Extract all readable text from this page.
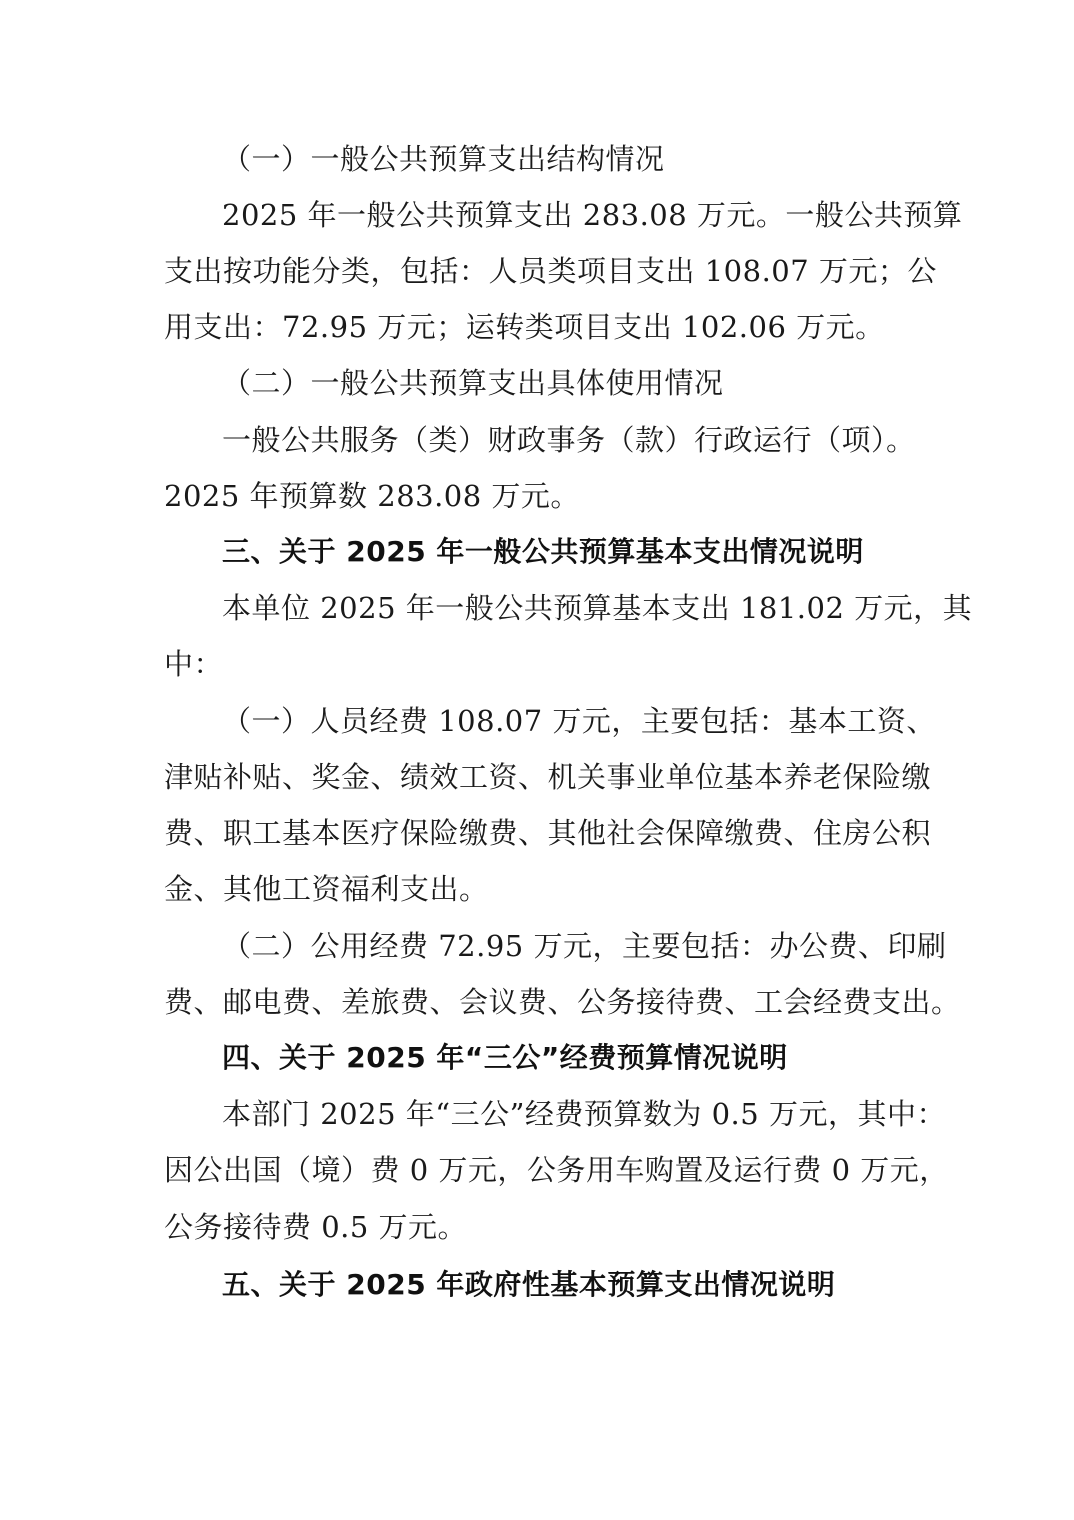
（一）一般公共预算支出结构情况
2025 年一般公共预算支出 283.08 万元。一般公共预算
支出按功能分类，包括：人员类项目支出 108.07 万元；公
用支出：72.95 万元；运转类项目支出 102.06 万元。
（二）一般公共预算支出具体使用情况
一般公共服务（类）财政事务（款）行政运行（项）。
2025 年预算数 283.08 万元。
三、关于 2025 年一般公共预算基本支出情况说明
本单位 2025 年一般公共预算基本支出 181.02 万元，其
中：
（一）人员经费 108.07 万元，主要包括：基本工资、
津贴补贴、奖金、绩效工资、机关事业单位基本养老保险缴
费、职工基本医疗保险缴费、其他社会保障缴费、住房公积
金、其他工资福利支出。
（二）公用经费 72.95 万元，主要包括：办公费、印刷
费、邮电费、差旅费、会议费、公务接待费、工会经费支出。
四、关于 2025 年“三公”经费预算情况说明
本部门 2025 年“三公”经费预算数为 0.5 万元，其中：
因公出国（境）费 0 万元，公务用车购置及运行费 0 万元，
公务接待费 0.5 万元。
五、关于 2025 年政府性基本预算支出情况说明
